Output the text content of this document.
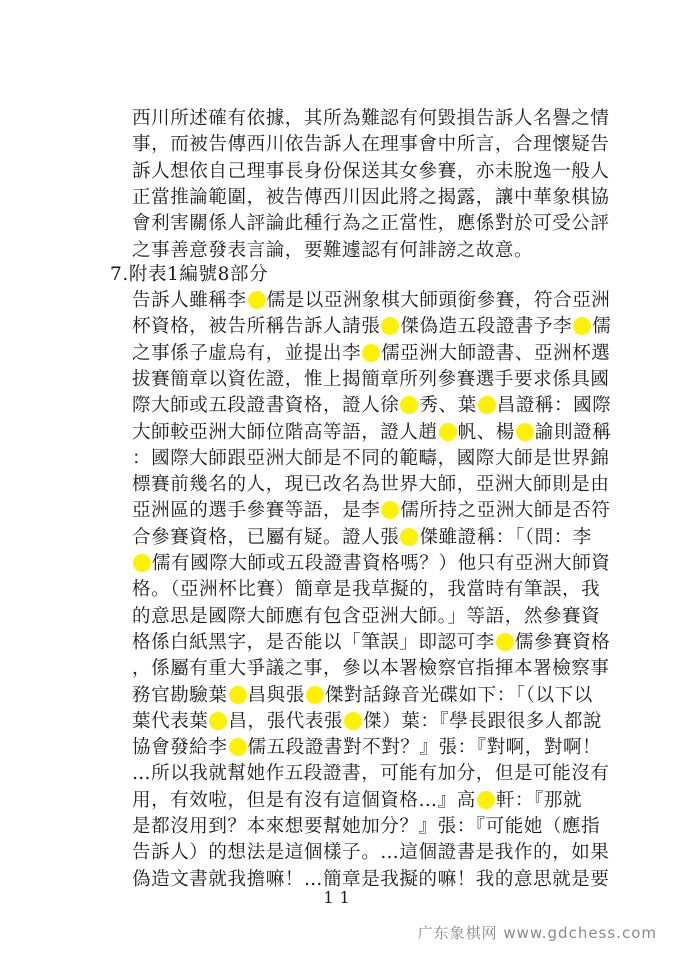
西川所述確有依據，其所為難認有何毀損告訴人名譽之情
事，而被告傳西川依告訴人在理事會中所言，合理懷疑告
訴人想依自己理事長身份保送其女參賽，亦未脫逸一般人
正當推論範圍，被告傳西川因此將之揭露，讓中華象棋協
會利害關係人評論此種行為之正當性，應係對於可受公評
之事善意發表言論，要難遽認有何誹謗之故意。
7.附表1編號8部分
告訴人雖稱李 儒是以亞洲象棋大師頭銜參賽，符合亞洲
杯資格，被告所稱告訴人請張 傑偽造五段證書予李 儒
之事係子虛烏有，並提出李 儒亞洲大師證書、亞洲杯選
拔賽簡章以資佐證，惟上揭簡章所列參賽選手要求係具國
際大師或五段證書資格，證人徐 秀、葉 昌證稱：國際
大師較亞洲大師位階高等語，證人趙 帆、楊 諭則證稱
：國際大師跟亞洲大師是不同的範疇，國際大師是世界錦
標賽前幾名的人，現已改名為世界大師，亞洲大師則是由
亞洲區的選手參賽等語，是李 儒所持之亞洲大師是否符
合參賽資格，已屬有疑。證人張 傑雖證稱：「（問：李
儒有國際大師或五段證書資格嗎？）他只有亞洲大師資
格。（亞洲杯比賽）簡章是我草擬的，我當時有筆誤，我
的意思是國際大師應有包含亞洲大師。」等語，然參賽資
格係白紙黑字，是否能以「筆誤」即認可李 儒參賽資格
，係屬有重大爭議之事，參以本署檢察官指揮本署檢察事
務官勘驗葉 昌與張 傑對話錄音光碟如下：「（以下以
葉代表葉 昌，張代表張 傑）葉：『學長跟很多人都說
協會發給李 儒五段證書對不對？』張：『對啊，對啊！
…所以我就幫她作五段證書，可能有加分，但是可能沒有
用，有效啦，但是有沒有這個資格…』高 軒：『那就
是都沒用到？本來想要幫她加分？』張：『可能她（應指
告訴人）的想法是這個樣子。…這個證書是我作的，如果
偽造文書就我擔嘛！…簡章是我擬的嘛！我的意思就是要
11
广东象棋网 www.gdchess.com
